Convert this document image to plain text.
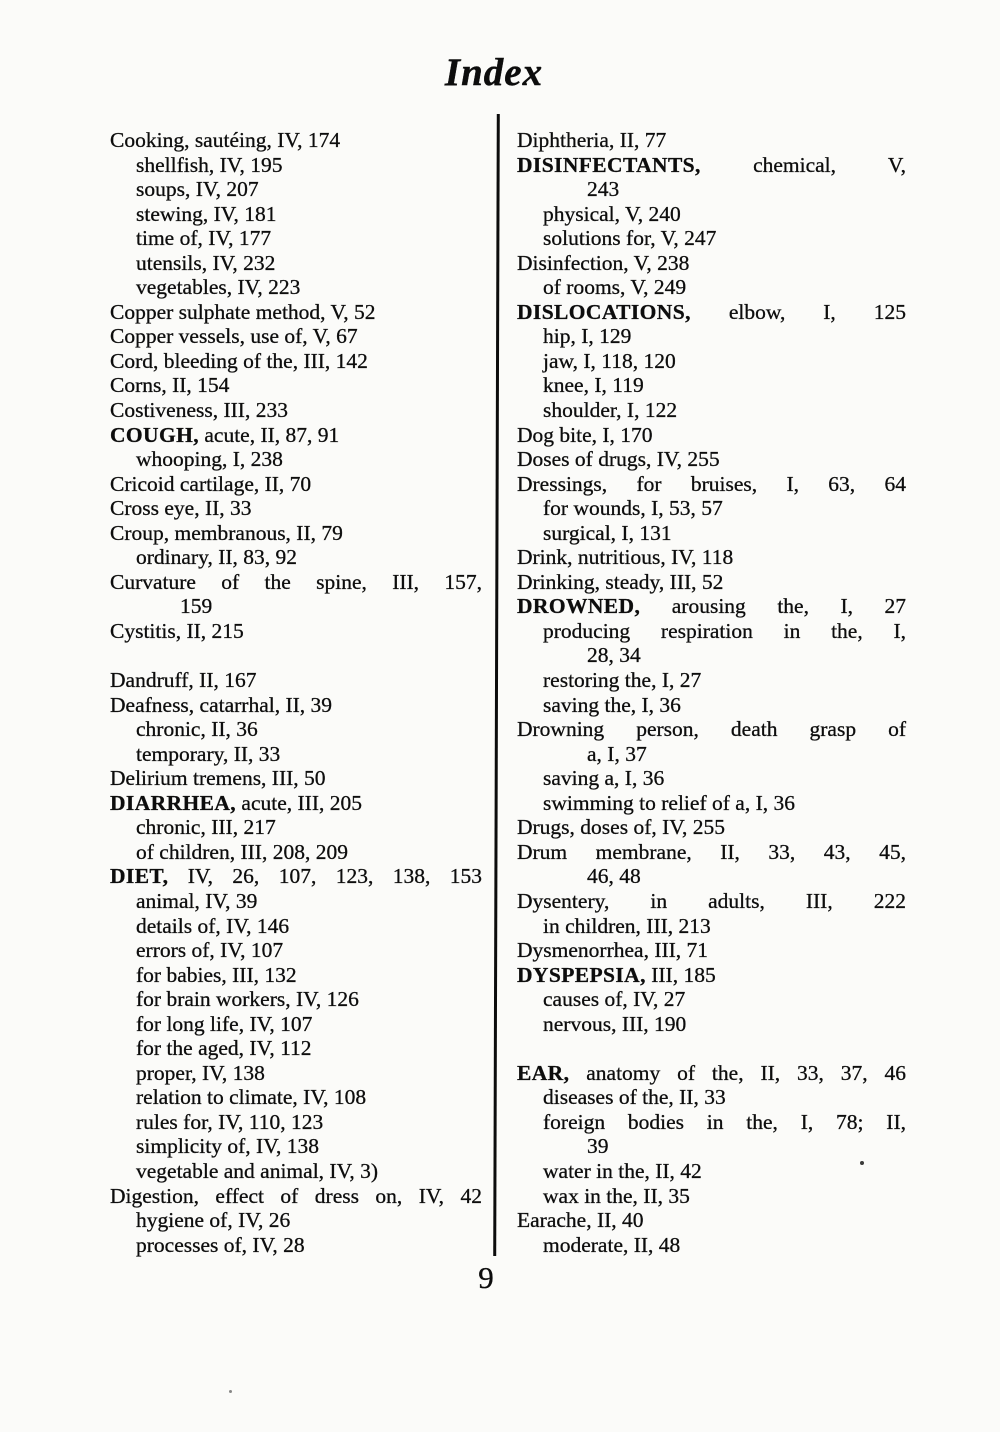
Index
Cooking, sautéing, IV, 174
shellfish, IV, 195
soups, IV, 207
stewing, IV, 181
time of, IV, 177
utensils, IV, 232
vegetables, IV, 223
Copper sulphate method, V, 52
Copper vessels, use of, V, 67
Cord, bleeding of the, III, 142
Corns, II, 154
Costiveness, III, 233
COUGH, acute, II, 87, 91
whooping, I, 238
Cricoid cartilage, II, 70
Cross eye, II, 33
Croup, membranous, II, 79
ordinary, II, 83, 92
Curvature of the spine, III, 157,
159
Cystitis, II, 215

Dandruff, II, 167
Deafness, catarrhal, II, 39
chronic, II, 36
temporary, II, 33
Delirium tremens, III, 50
DIARRHEA, acute, III, 205
chronic, III, 217
of children, III, 208, 209
DIET, IV, 26, 107, 123, 138, 153
animal, IV, 39
details of, IV, 146
errors of, IV, 107
for babies, III, 132
for brain workers, IV, 126
for long life, IV, 107
for the aged, IV, 112
proper, IV, 138
relation to climate, IV, 108
rules for, IV, 110, 123
simplicity of, IV, 138
vegetable and animal, IV, 3)
Digestion, effect of dress on, IV, 42
hygiene of, IV, 26
processes of, IV, 28
Diphtheria, II, 77
DISINFECTANTS, chemical, V,
243
physical, V, 240
solutions for, V, 247
Disinfection, V, 238
of rooms, V, 249
DISLOCATIONS, elbow, I, 125
hip, I, 129
jaw, I, 118, 120
knee, I, 119
shoulder, I, 122
Dog bite, I, 170
Doses of drugs, IV, 255
Dressings, for bruises, I, 63, 64
for wounds, I, 53, 57
surgical, I, 131
Drink, nutritious, IV, 118
Drinking, steady, III, 52
DROWNED, arousing the, I, 27
producing respiration in the, I,
28, 34
restoring the, I, 27
saving the, I, 36
Drowning person, death grasp of
a, I, 37
saving a, I, 36
swimming to relief of a, I, 36
Drugs, doses of, IV, 255
Drum membrane, II, 33, 43, 45,
46, 48
Dysentery, in adults, III, 222
in children, III, 213
Dysmenorrhea, III, 71
DYSPEPSIA, III, 185
causes of, IV, 27
nervous, III, 190

EAR, anatomy of the, II, 33, 37, 46
diseases of the, II, 33
foreign bodies in the, I, 78; II,
39
water in the, II, 42
wax in the, II, 35
Earache, II, 40
moderate, II, 48
9
